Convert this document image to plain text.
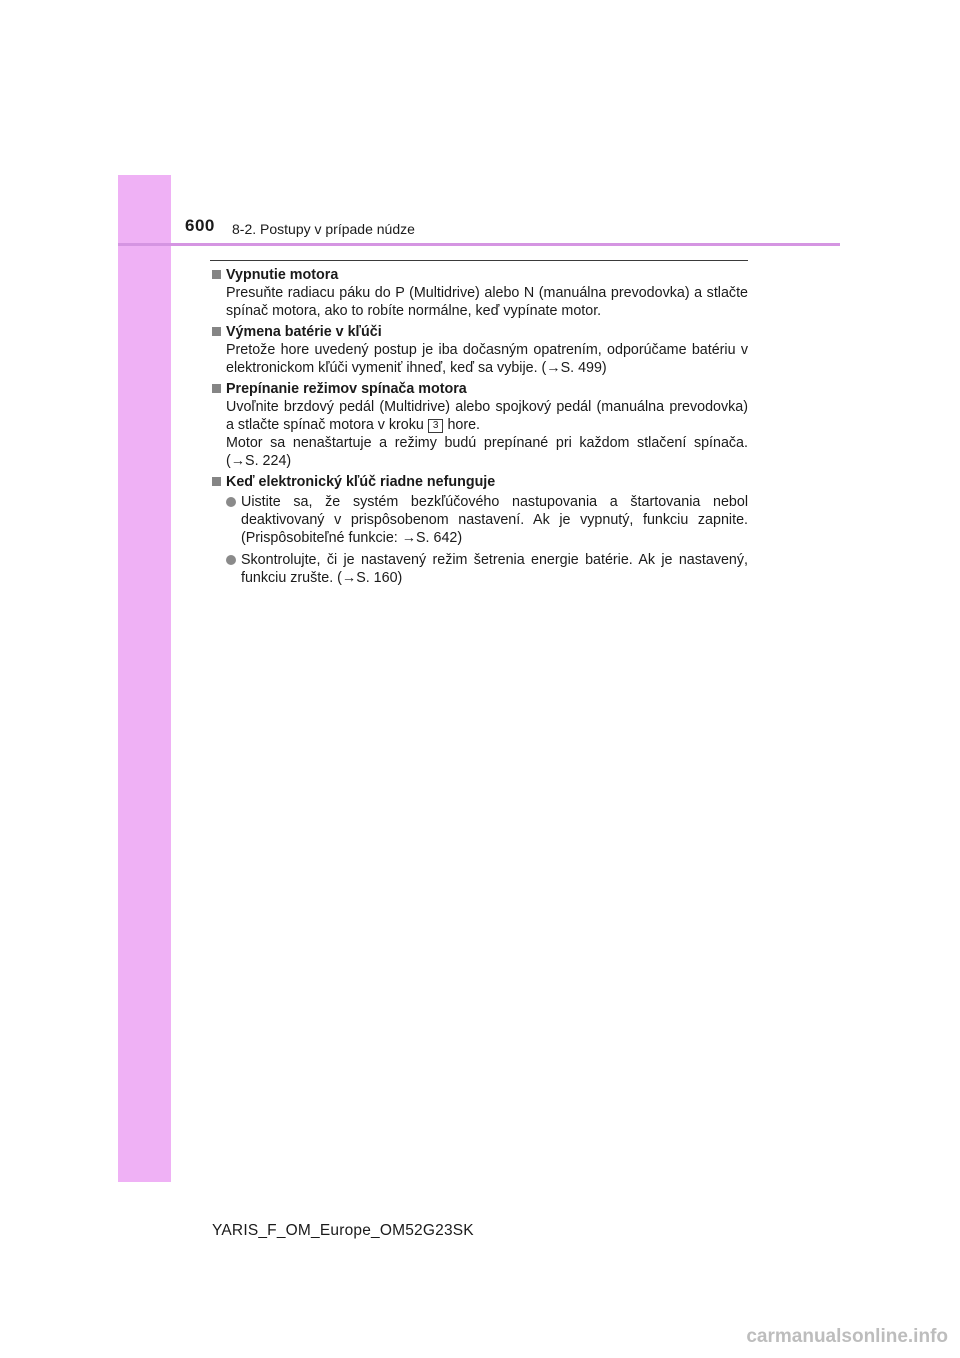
600 8-2. Postupy v prípade núdze
Vypnutie motora
Presuňte radiacu páku do P (Multidrive) alebo N (manuálna prevodovka) a stlačte spínač motora, ako to robíte normálne, keď vypínate motor.
Výmena batérie v kľúči
Pretože hore uvedený postup je iba dočasným opatrením, odporúčame batériu v elektronickom kľúči vymeniť ihneď, keď sa vybije. (→S. 499)
Prepínanie režimov spínača motora
Uvoľnite brzdový pedál (Multidrive) alebo spojkový pedál (manuálna prevodovka) a stlačte spínač motora v kroku 3 hore.
Motor sa nenaštartuje a režimy budú prepínané pri každom stlačení spínača. (→S. 224)
Keď elektronický kľúč riadne nefunguje
Uistite sa, že systém bezkľúčového nastupovania a štartovania nebol deaktivovaný v prispôsobenom nastavení. Ak je vypnutý, funkciu zapnite. (Prispôsobiteľné funkcie: →S. 642)
Skontrolujte, či je nastavený režim šetrenia energie batérie. Ak je nastavený, funkciu zrušte. (→S. 160)
YARIS_F_OM_Europe_OM52G23SK
carmanualsonline.info
